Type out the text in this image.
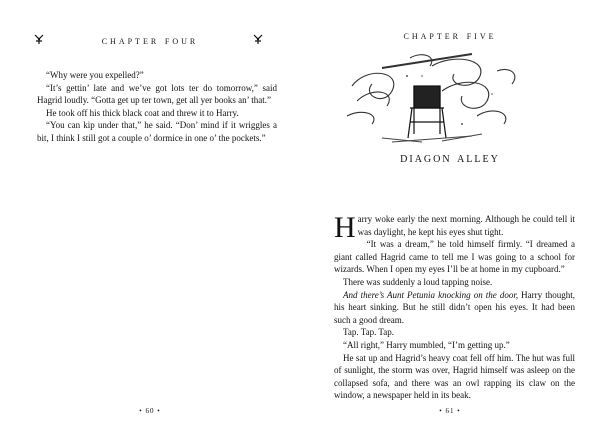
chapter four

“Why were you expelled?”

“It’s gettin’ late and we’ve got lots ter do tomorrow,” said Hagrid loudly. “Gotta get up ter town, get all yer books an’ that.”

He took off his thick black coat and threw it to Harry.

“You can kip under that,” he said. “Don’ mind if it wriggles a bit, I think I still got a couple o’ dormice in one o’ the pockets.”

• 60 •
chapter five
diagon alley

Harry woke early the next morning. Although he could tell it was daylight, he kept his eyes shut tight.

“It was a dream,” he told himself firmly. “I dreamed a giant called Hagrid came to tell me I was going to a school for wizards. When I open my eyes I’ll be at home in my cupboard.”

There was suddenly a loud tapping noise.

And there’s Aunt Petunia knocking on the door, Harry thought, his heart sinking. But he still didn’t open his eyes. It had been such a good dream.

Tap. Tap. Tap.

“All right,” Harry mumbled, “I’m getting up.”

He sat up and Hagrid’s heavy coat fell off him. The hut was full of sunlight, the storm was over, Hagrid himself was asleep on the collapsed sofa, and there was an owl rapping its claw on the window, a newspaper held in its beak.

• 61 •
